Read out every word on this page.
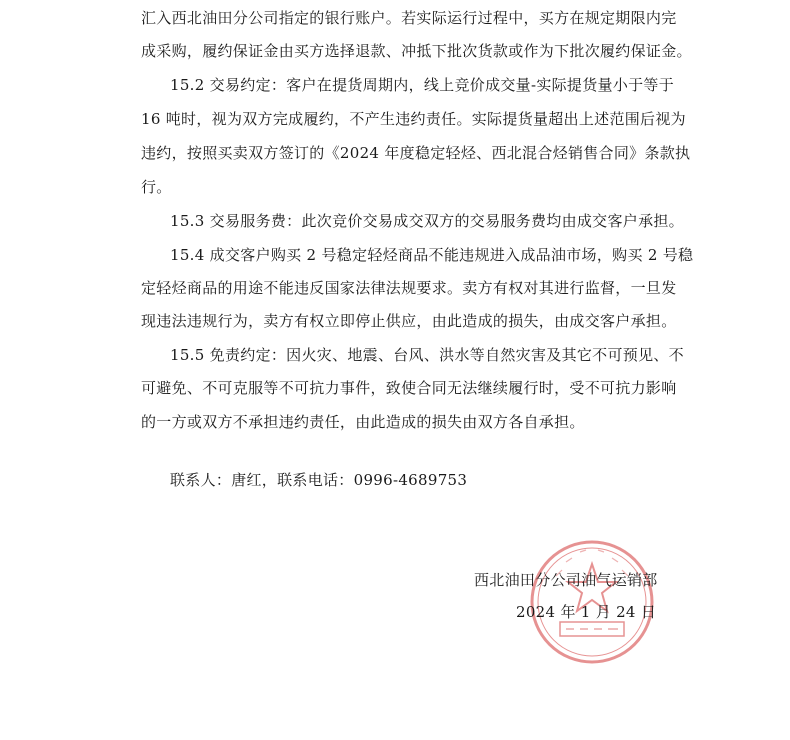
汇入西北油田分公司指定的银行账户。若实际运行过程中，买方在规定期限内完
成采购，履约保证金由买方选择退款、冲抵下批次货款或作为下批次履约保证金。
15.2 交易约定：客户在提货周期内，线上竞价成交量-实际提货量小于等于
16 吨时，视为双方完成履约，不产生违约责任。实际提货量超出上述范围后视为
违约，按照买卖双方签订的《2024 年度稳定轻烃、西北混合烃销售合同》条款执
行。
15.3 交易服务费：此次竞价交易成交双方的交易服务费均由成交客户承担。
15.4 成交客户购买 2 号稳定轻烃商品不能违规进入成品油市场，购买 2 号稳
定轻烃商品的用途不能违反国家法律法规要求。卖方有权对其进行监督，一旦发
现违法违规行为，卖方有权立即停止供应，由此造成的损失，由成交客户承担。
15.5 免责约定：因火灾、地震、台风、洪水等自然灾害及其它不可预见、不
可避免、不可克服等不可抗力事件，致使合同无法继续履行时，受不可抗力影响
的一方或双方不承担违约责任，由此造成的损失由双方各自承担。
联系人：唐红，联系电话：0996-4689753
西北油田分公司油气运销部
2024 年 1 月 24 日
